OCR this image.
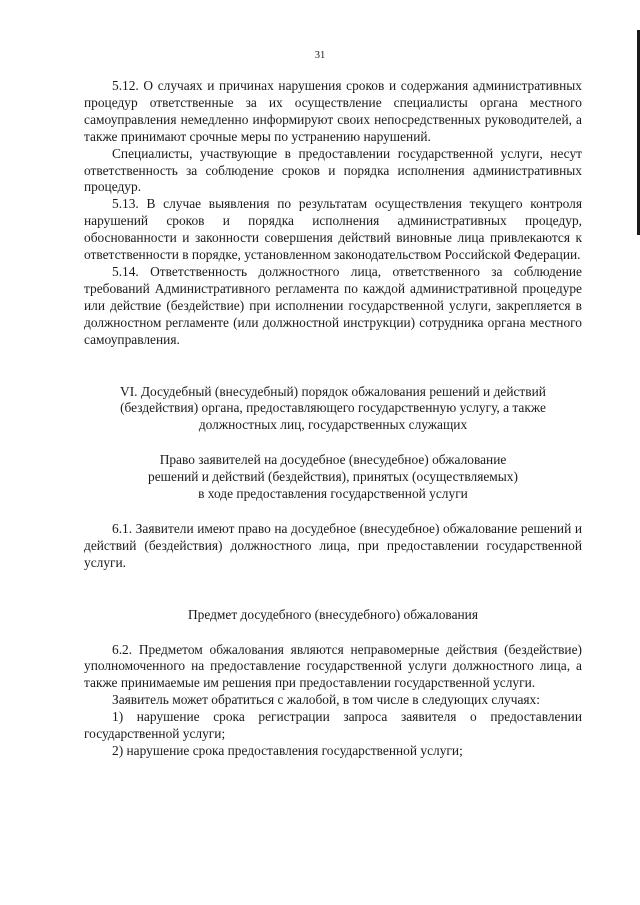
31

5.12. О случаях и причинах нарушения сроков и содержания административных процедур ответственные за их осуществление специалисты органа местного самоуправления немедленно информируют своих непосредственных руководителей, а также принимают срочные меры по устранению нарушений.

Специалисты, участвующие в предоставлении государственной услуги, несут ответственность за соблюдение сроков и порядка исполнения административных процедур.

5.13. В случае выявления по результатам осуществления текущего контроля нарушений сроков и порядка исполнения административных процедур, обоснованности и законности совершения действий виновные лица привлекаются к ответственности в порядке, установленном законодательством Российской Федерации.

5.14. Ответственность должностного лица, ответственного за соблюдение требований Административного регламента по каждой административной процедуре или действие (бездействие) при исполнении государственной услуги, закрепляется в должностном регламенте (или должностной инструкции) сотрудника органа местного самоуправления.

VI. Досудебный (внесудебный) порядок обжалования решений и действий
(бездействия) органа, предоставляющего государственную услугу, а также
должностных лиц, государственных служащих
Право заявителей на досудебное (внесудебное) обжалование
решений и действий (бездействия), принятых (осуществляемых)
в ходе предоставления государственной услуги

6.1. Заявители имеют право на досудебное (внесудебное) обжалование решений и действий (бездействия) должностного лица, при предоставлении государственной услуги.

Предмет досудебного (внесудебного) обжалования

6.2. Предметом обжалования являются неправомерные действия (бездействие) уполномоченного на предоставление государственной услуги должностного лица, а также принимаемые им решения при предоставлении государственной услуги.

Заявитель может обратиться с жалобой, в том числе в следующих случаях:

1) нарушение срока регистрации запроса заявителя о предоставлении государственной услуги;

2) нарушение срока предоставления государственной услуги;
